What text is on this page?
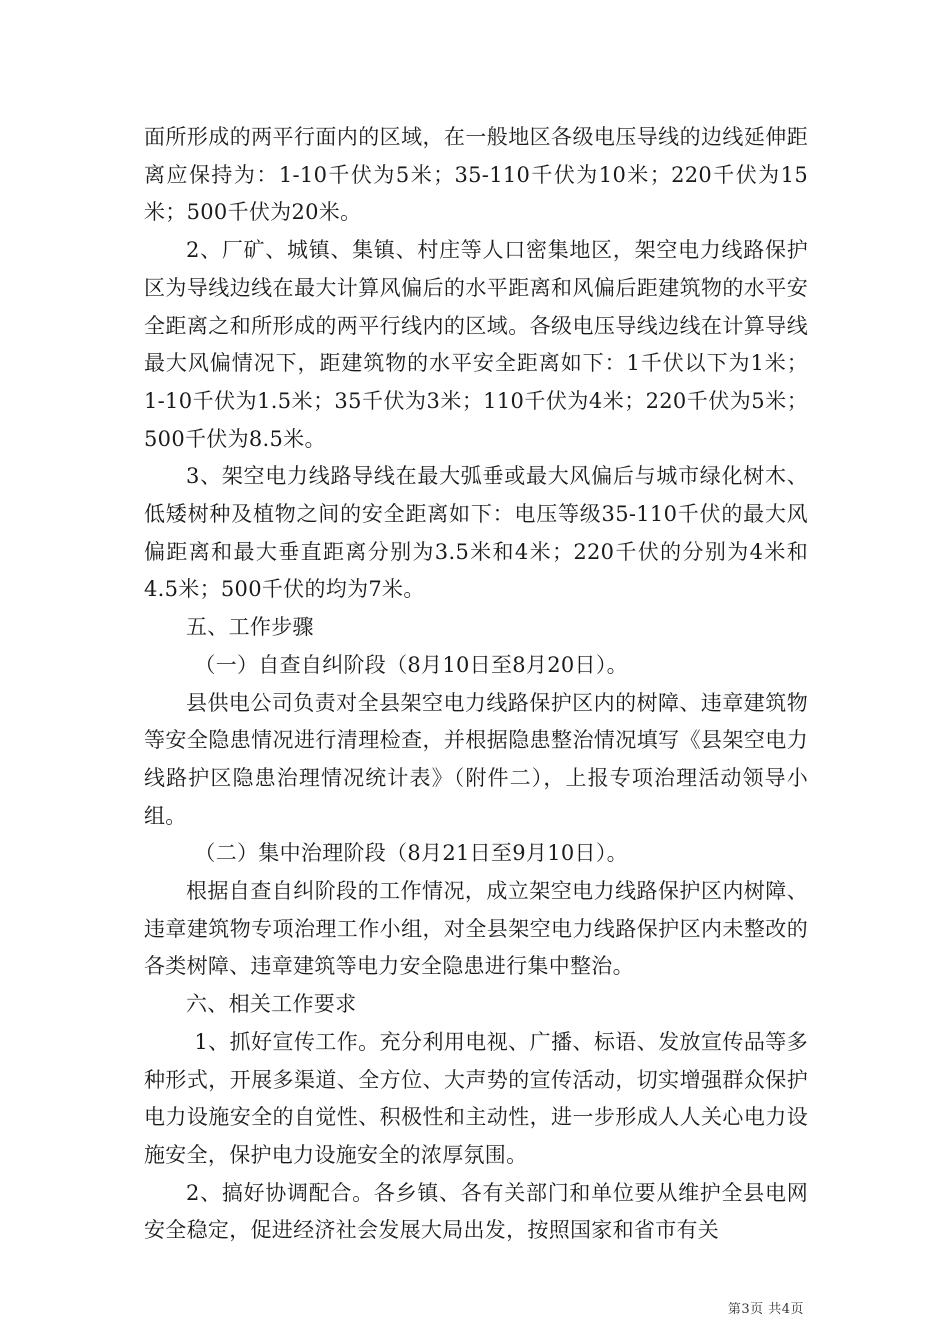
面所形成的两平行面内的区域，在一般地区各级电压导线的边线延伸距离应保持为：1-10千伏为5米；35-110千伏为10米；220千伏为15米；500千伏为20米。

2、厂矿、城镇、集镇、村庄等人口密集地区，架空电力线路保护区为导线边线在最大计算风偏后的水平距离和风偏后距建筑物的水平安全距离之和所形成的两平行线内的区域。各级电压导线边线在计算导线最大风偏情况下，距建筑物的水平安全距离如下：1千伏以下为1米；1-10千伏为1.5米；35千伏为3米；110千伏为4米；220千伏为5米；500千伏为8.5米。

3、架空电力线路导线在最大弧垂或最大风偏后与城市绿化树木、低矮树种及植物之间的安全距离如下：电压等级35-110千伏的最大风偏距离和最大垂直距离分别为3.5米和4米；220千伏的分别为4米和4.5米；500千伏的均为7米。

五、工作步骤

（一）自查自纠阶段（8月10日至8月20日）。

县供电公司负责对全县架空电力线路保护区内的树障、违章建筑物等安全隐患情况进行清理检查，并根据隐患整治情况填写《县架空电力线路护区隐患治理情况统计表》（附件二），上报专项治理活动领导小组。

（二）集中治理阶段（8月21日至9月10日）。

根据自查自纠阶段的工作情况，成立架空电力线路保护区内树障、违章建筑物专项治理工作小组，对全县架空电力线路保护区内未整改的各类树障、违章建筑等电力安全隐患进行集中整治。

六、相关工作要求

1、抓好宣传工作。充分利用电视、广播、标语、发放宣传品等多种形式，开展多渠道、全方位、大声势的宣传活动，切实增强群众保护电力设施安全的自觉性、积极性和主动性，进一步形成人人关心电力设施安全，保护电力设施安全的浓厚氛围。

2、搞好协调配合。各乡镇、各有关部门和单位要从维护全县电网安全稳定，促进经济社会发展大局出发，按照国家和省市有关

第3页 共4页
